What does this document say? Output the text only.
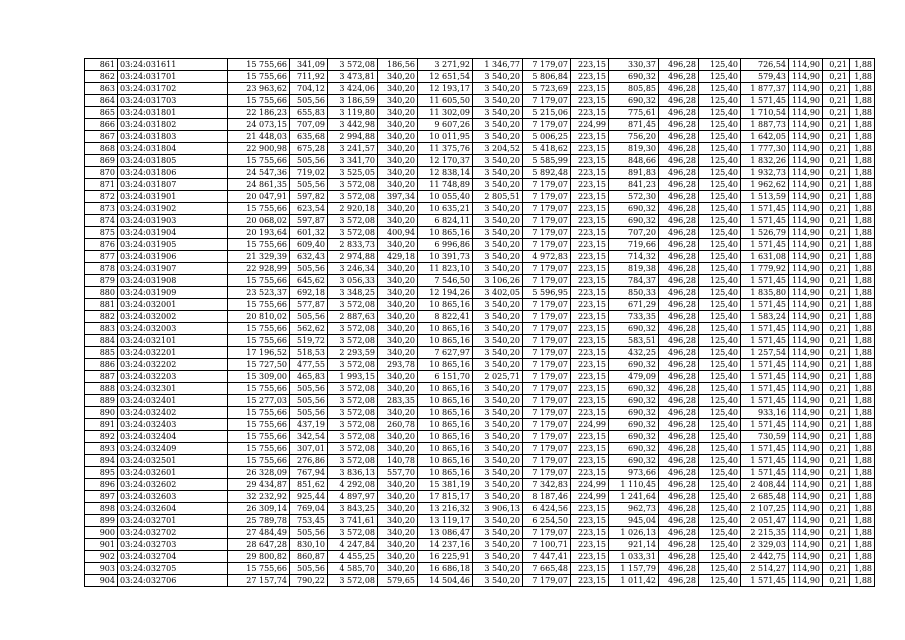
861	03:24:031611	15 755,66	341,09	3 572,08	186,56	3 271,92	1 346,77	7 179,07	223,15	330,37	496,28	125,40	726,54	114,90	0,21	1,88
862	03:24:031701	15 755,66	711,92	3 473,81	340,20	12 651,54	3 540,20	5 806,84	223,15	690,32	496,28	125,40	579,43	114,90	0,21	1,88
863	03:24:031702	23 963,62	704,12	3 424,06	340,20	12 193,17	3 540,20	5 723,69	223,15	805,85	496,28	125,40	1 877,37	114,90	0,21	1,88
864	03:24:031703	15 755,66	505,56	3 186,59	340,20	11 605,50	3 540,20	7 179,07	223,15	690,32	496,28	125,40	1 571,45	114,90	0,21	1,88
865	03:24:031801	22 186,23	655,83	3 119,80	340,20	11 302,09	3 540,20	5 215,06	223,15	775,61	496,28	125,40	1 710,54	114,90	0,21	1,88
866	03:24:031802	24 073,15	707,09	3 442,98	340,20	9 607,26	3 540,20	7 179,07	224,99	871,45	496,28	125,40	1 887,73	114,90	0,21	1,88
867	03:24:031803	21 448,03	635,68	2 994,88	340,20	10 011,95	3 540,20	5 006,25	223,15	756,20	496,28	125,40	1 642,05	114,90	0,21	1,88
868	03:24:031804	22 900,98	675,28	3 241,57	340,20	11 375,76	3 204,52	5 418,62	223,15	819,30	496,28	125,40	1 777,30	114,90	0,21	1,88
869	03:24:031805	15 755,66	505,56	3 341,70	340,20	12 170,37	3 540,20	5 585,99	223,15	848,66	496,28	125,40	1 832,26	114,90	0,21	1,88
870	03:24:031806	24 547,36	719,02	3 525,05	340,20	12 838,14	3 540,20	5 892,48	223,15	891,83	496,28	125,40	1 932,73	114,90	0,21	1,88
871	03:24:031807	24 861,35	505,56	3 572,08	340,20	11 748,89	3 540,20	7 179,07	223,15	841,23	496,28	125,40	1 962,62	114,90	0,21	1,88
872	03:24:031901	20 047,91	597,82	3 572,08	397,34	10 055,40	2 805,51	7 179,07	223,15	572,30	496,28	125,40	1 513,59	114,90	0,21	1,88
873	03:24:031902	15 755,66	623,54	2 920,18	340,20	10 635,21	3 540,20	7 179,07	223,15	690,32	496,28	125,40	1 571,45	114,90	0,21	1,88
874	03:24:031903	20 068,02	597,87	3 572,08	340,20	6 824,11	3 540,20	7 179,07	223,15	690,32	496,28	125,40	1 571,45	114,90	0,21	1,88
875	03:24:031904	20 193,64	601,32	3 572,08	400,94	10 865,16	3 540,20	7 179,07	223,15	707,20	496,28	125,40	1 526,79	114,90	0,21	1,88
876	03:24:031905	15 755,66	609,40	2 833,73	340,20	6 996,86	3 540,20	7 179,07	223,15	719,66	496,28	125,40	1 571,45	114,90	0,21	1,88
877	03:24:031906	21 329,39	632,43	2 974,88	429,18	10 391,73	3 540,20	4 972,83	223,15	714,32	496,28	125,40	1 631,08	114,90	0,21	1,88
878	03:24:031907	22 928,99	505,56	3 246,34	340,20	11 823,10	3 540,20	7 179,07	223,15	819,38	496,28	125,40	1 779,92	114,90	0,21	1,88
879	03:24:031908	15 755,66	645,62	3 056,33	340,20	7 546,50	3 106,26	7 179,07	223,15	784,37	496,28	125,40	1 571,45	114,90	0,21	1,88
880	03:24:031909	23 523,37	692,18	3 348,25	340,20	12 194,26	3 402,05	5 596,95	223,15	850,33	496,28	125,40	1 835,80	114,90	0,21	1,88
881	03:24:032001	15 755,66	577,87	3 572,08	340,20	10 865,16	3 540,20	7 179,07	223,15	671,29	496,28	125,40	1 571,45	114,90	0,21	1,88
882	03:24:032002	20 810,02	505,56	2 887,63	340,20	8 822,41	3 540,20	7 179,07	223,15	733,35	496,28	125,40	1 583,24	114,90	0,21	1,88
883	03:24:032003	15 755,66	562,62	3 572,08	340,20	10 865,16	3 540,20	7 179,07	223,15	690,32	496,28	125,40	1 571,45	114,90	0,21	1,88
884	03:24:032101	15 755,66	519,72	3 572,08	340,20	10 865,16	3 540,20	7 179,07	223,15	583,51	496,28	125,40	1 571,45	114,90	0,21	1,88
885	03:24:032201	17 196,52	518,53	2 293,59	340,20	7 627,97	3 540,20	7 179,07	223,15	432,25	496,28	125,40	1 257,54	114,90	0,21	1,88
886	03:24:032202	15 727,50	477,55	3 572,08	293,78	10 865,16	3 540,20	7 179,07	223,15	690,32	496,28	125,40	1 571,45	114,90	0,21	1,88
887	03:24:032203	15 309,00	465,83	1 993,15	340,20	6 151,70	2 025,71	7 179,07	223,15	479,09	496,28	125,40	1 571,45	114,90	0,21	1,88
888	03:24:032301	15 755,66	505,56	3 572,08	340,20	10 865,16	3 540,20	7 179,07	223,15	690,32	496,28	125,40	1 571,45	114,90	0,21	1,88
889	03:24:032401	15 277,03	505,56	3 572,08	283,35	10 865,16	3 540,20	7 179,07	223,15	690,32	496,28	125,40	1 571,45	114,90	0,21	1,88
890	03:24:032402	15 755,66	505,56	3 572,08	340,20	10 865,16	3 540,20	7 179,07	223,15	690,32	496,28	125,40	933,16	114,90	0,21	1,88
891	03:24:032403	15 755,66	437,19	3 572,08	260,78	10 865,16	3 540,20	7 179,07	224,99	690,32	496,28	125,40	1 571,45	114,90	0,21	1,88
892	03:24:032404	15 755,66	342,54	3 572,08	340,20	10 865,16	3 540,20	7 179,07	223,15	690,32	496,28	125,40	730,59	114,90	0,21	1,88
893	03:24:032409	15 755,66	307,01	3 572,08	340,20	10 865,16	3 540,20	7 179,07	223,15	690,32	496,28	125,40	1 571,45	114,90	0,21	1,88
894	03:24:032501	15 755,66	276,86	3 572,08	140,78	10 865,16	3 540,20	7 179,07	223,15	690,32	496,28	125,40	1 571,45	114,90	0,21	1,88
895	03:24:032601	26 328,09	767,94	3 836,13	557,70	10 865,16	3 540,20	7 179,07	223,15	973,66	496,28	125,40	1 571,45	114,90	0,21	1,88
896	03:24:032602	29 434,87	851,62	4 292,08	340,20	15 381,19	3 540,20	7 342,83	224,99	1 110,45	496,28	125,40	2 408,44	114,90	0,21	1,88
897	03:24:032603	32 232,92	925,44	4 897,97	340,20	17 815,17	3 540,20	8 187,46	224,99	1 241,64	496,28	125,40	2 685,48	114,90	0,21	1,88
898	03:24:032604	26 309,14	769,04	3 843,25	340,20	13 216,32	3 906,13	6 424,56	223,15	962,73	496,28	125,40	2 107,25	114,90	0,21	1,88
899	03:24:032701	25 789,78	753,45	3 741,61	340,20	13 119,17	3 540,20	6 254,50	223,15	945,04	496,28	125,40	2 051,47	114,90	0,21	1,88
900	03:24:032702	27 484,49	505,56	3 572,08	340,20	13 086,47	3 540,20	7 179,07	223,15	1 026,13	496,28	125,40	2 215,35	114,90	0,21	1,88
901	03:24:032703	28 647,28	830,10	4 247,84	340,20	14 237,16	3 540,20	7 100,71	223,15	921,14	496,28	125,40	2 329,03	114,90	0,21	1,88
902	03:24:032704	29 800,82	860,87	4 455,25	340,20	16 225,91	3 540,20	7 447,41	223,15	1 033,31	496,28	125,40	2 442,75	114,90	0,21	1,88
903	03:24:032705	15 755,66	505,56	4 585,70	340,20	16 686,18	3 540,20	7 665,48	223,15	1 157,79	496,28	125,40	2 514,27	114,90	0,21	1,88
904	03:24:032706	27 157,74	790,22	3 572,08	579,65	14 504,46	3 540,20	7 179,07	223,15	1 011,42	496,28	125,40	1 571,45	114,90	0,21	1,88
